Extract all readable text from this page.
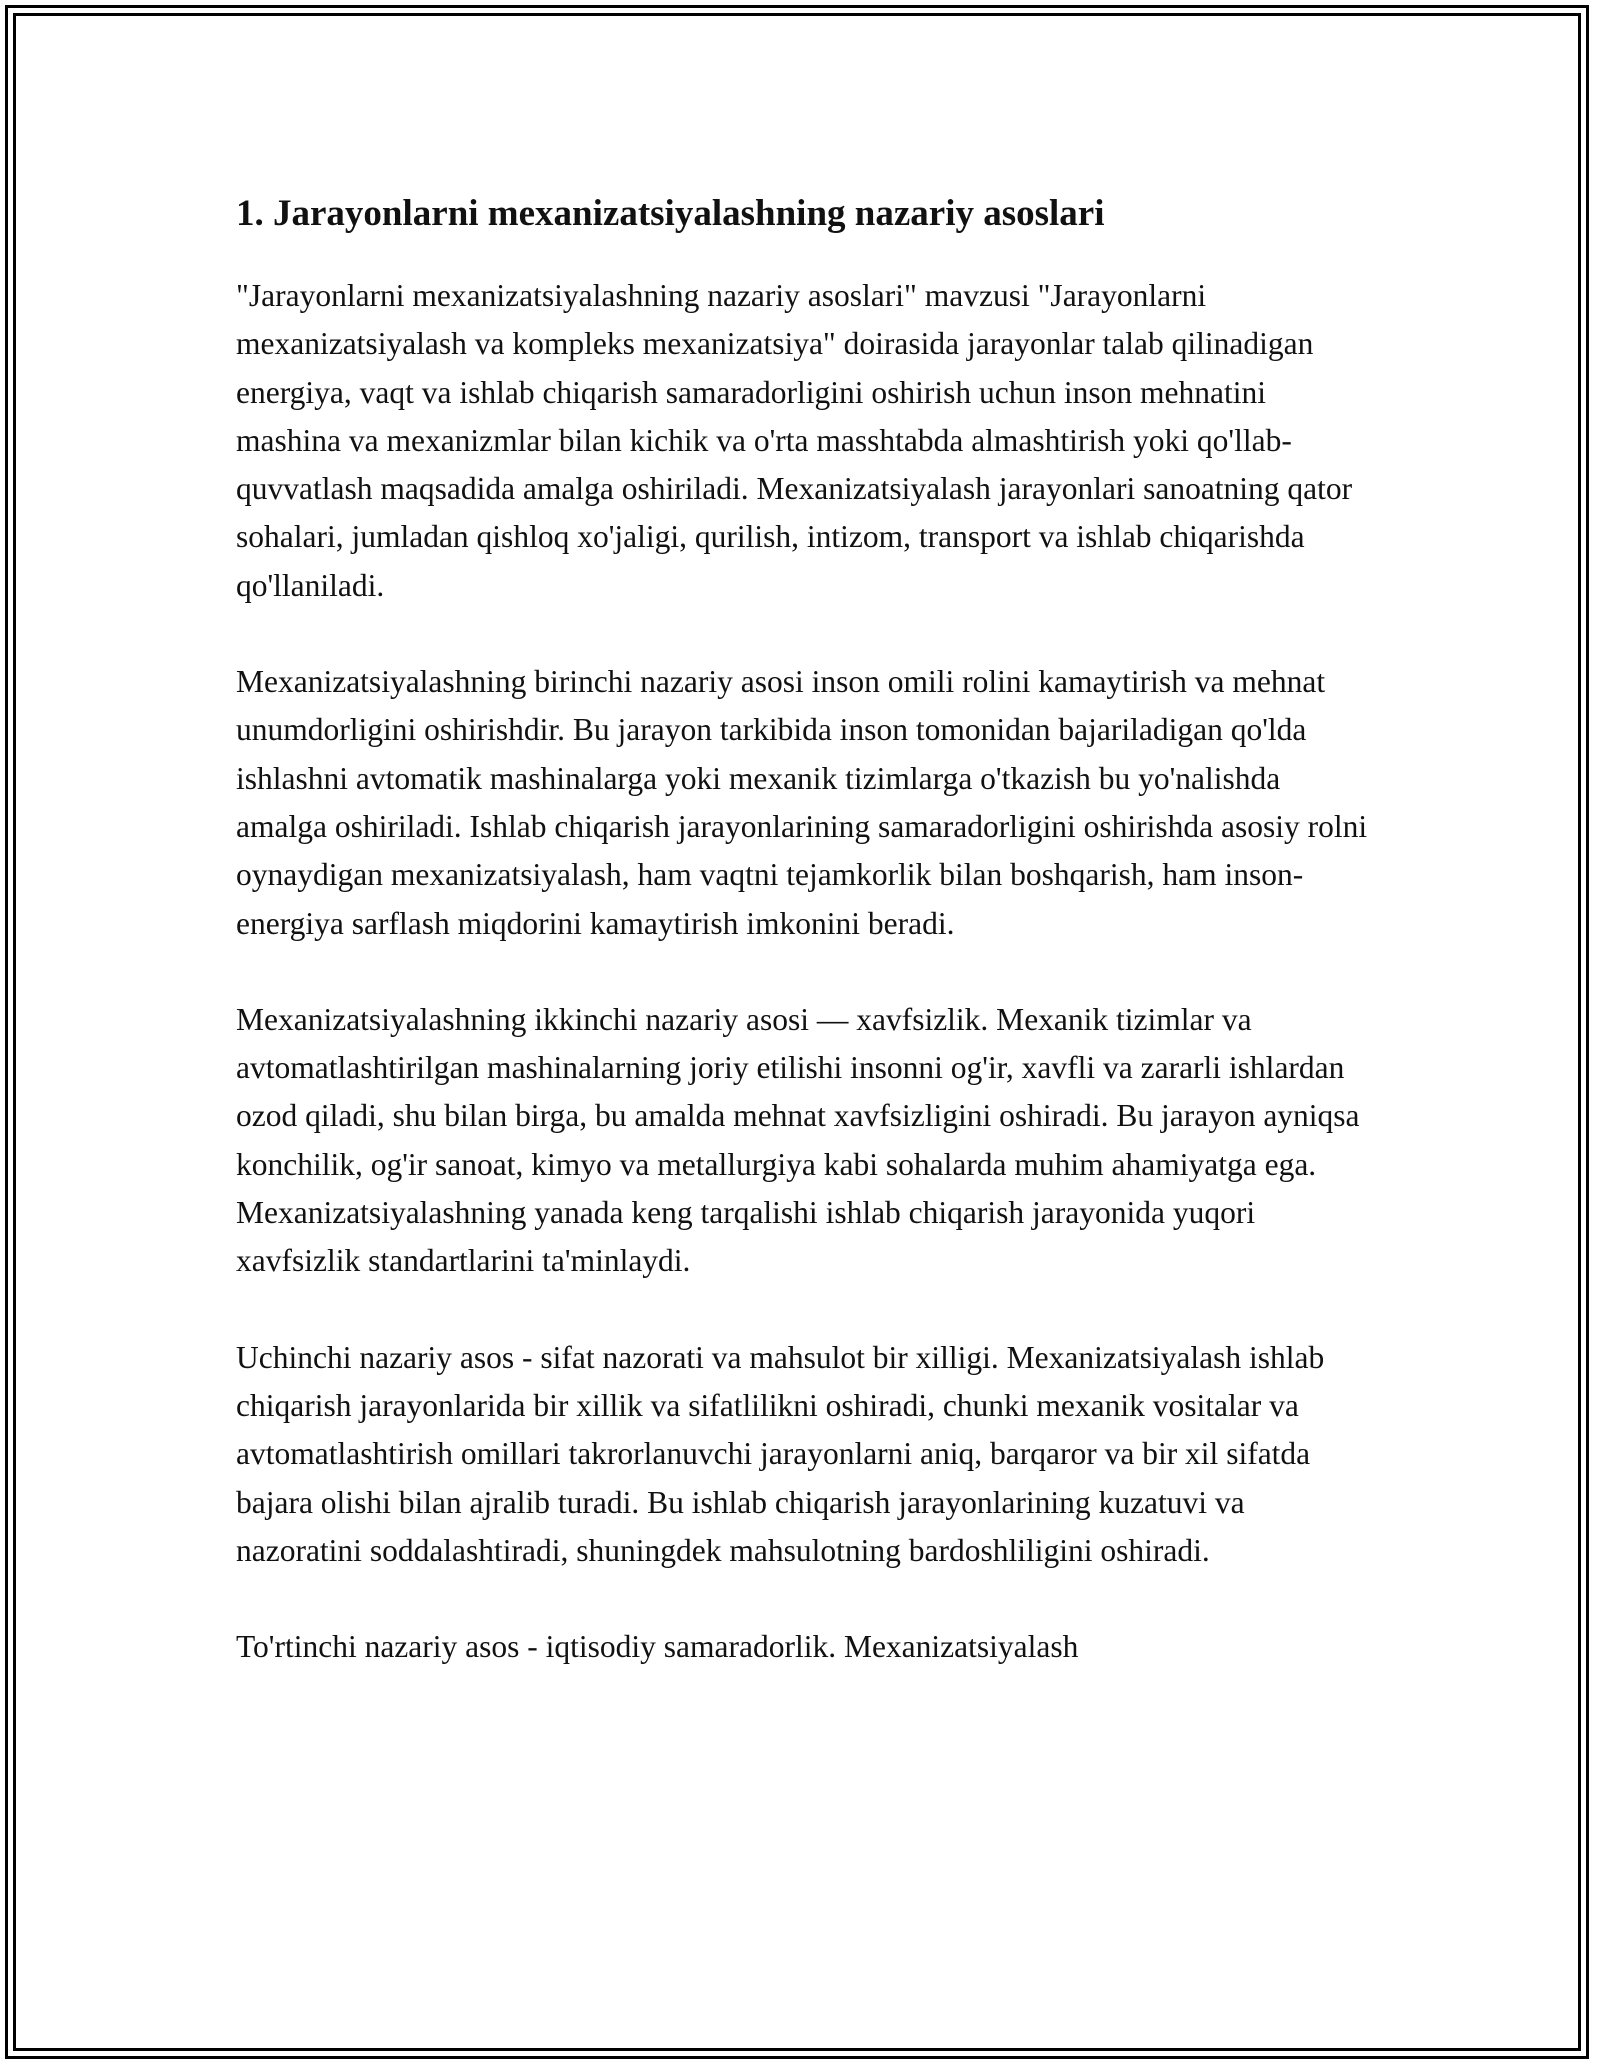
1. Jarayonlarni mexanizatsiyalashning nazariy asoslari

"Jarayonlarni mexanizatsiyalashning nazariy asoslari" mavzusi "Jarayonlarni mexanizatsiyalash va kompleks mexanizatsiya" doirasida jarayonlar talab qilinadigan energiya, vaqt va ishlab chiqarish samaradorligini oshirish uchun inson mehnatini mashina va mexanizmlar bilan kichik va o'rta masshtabda almashtirish yoki qo'llab-quvvatlash maqsadida amalga oshiriladi. Mexanizatsiyalash jarayonlari sanoatning qator sohalari, jumladan qishloq xo'jaligi, qurilish, intizom, transport va ishlab chiqarishda qo'llaniladi.

Mexanizatsiyalashning birinchi nazariy asosi inson omili rolini kamaytirish va mehnat unumdorligini oshirishdir. Bu jarayon tarkibida inson tomonidan bajariladigan qo'lda ishlashni avtomatik mashinalarga yoki mexanik tizimlarga o'tkazish bu yo'nalishda amalga oshiriladi. Ishlab chiqarish jarayonlarining samaradorligini oshirishda asosiy rolni oynaydigan mexanizatsiyalash, ham vaqtni tejamkorlik bilan boshqarish, ham inson-energiya sarflash miqdorini kamaytirish imkonini beradi.

Mexanizatsiyalashning ikkinchi nazariy asosi — xavfsizlik. Mexanik tizimlar va avtomatlashtirilgan mashinalarning joriy etilishi insonni og'ir, xavfli va zararli ishlardan ozod qiladi, shu bilan birga, bu amalda mehnat xavfsizligini oshiradi. Bu jarayon ayniqsa konchilik, og'ir sanoat, kimyo va metallurgiya kabi sohalarda muhim ahamiyatga ega. Mexanizatsiyalashning yanada keng tarqalishi ishlab chiqarish jarayonida yuqori xavfsizlik standartlarini ta'minlaydi.

Uchinchi nazariy asos - sifat nazorati va mahsulot bir xilligi. Mexanizatsiyalash ishlab chiqarish jarayonlarida bir xillik va sifatlilikni oshiradi, chunki mexanik vositalar va avtomatlashtirish omillari takrorlanuvchi jarayonlarni aniq, barqaror va bir xil sifatda bajara olishi bilan ajralib turadi. Bu ishlab chiqarish jarayonlarining kuzatuvi va nazoratini soddalashtiradi, shuningdek mahsulotning bardoshliligini oshiradi.

To'rtinchi nazariy asos - iqtisodiy samaradorlik. Mexanizatsiyalash
